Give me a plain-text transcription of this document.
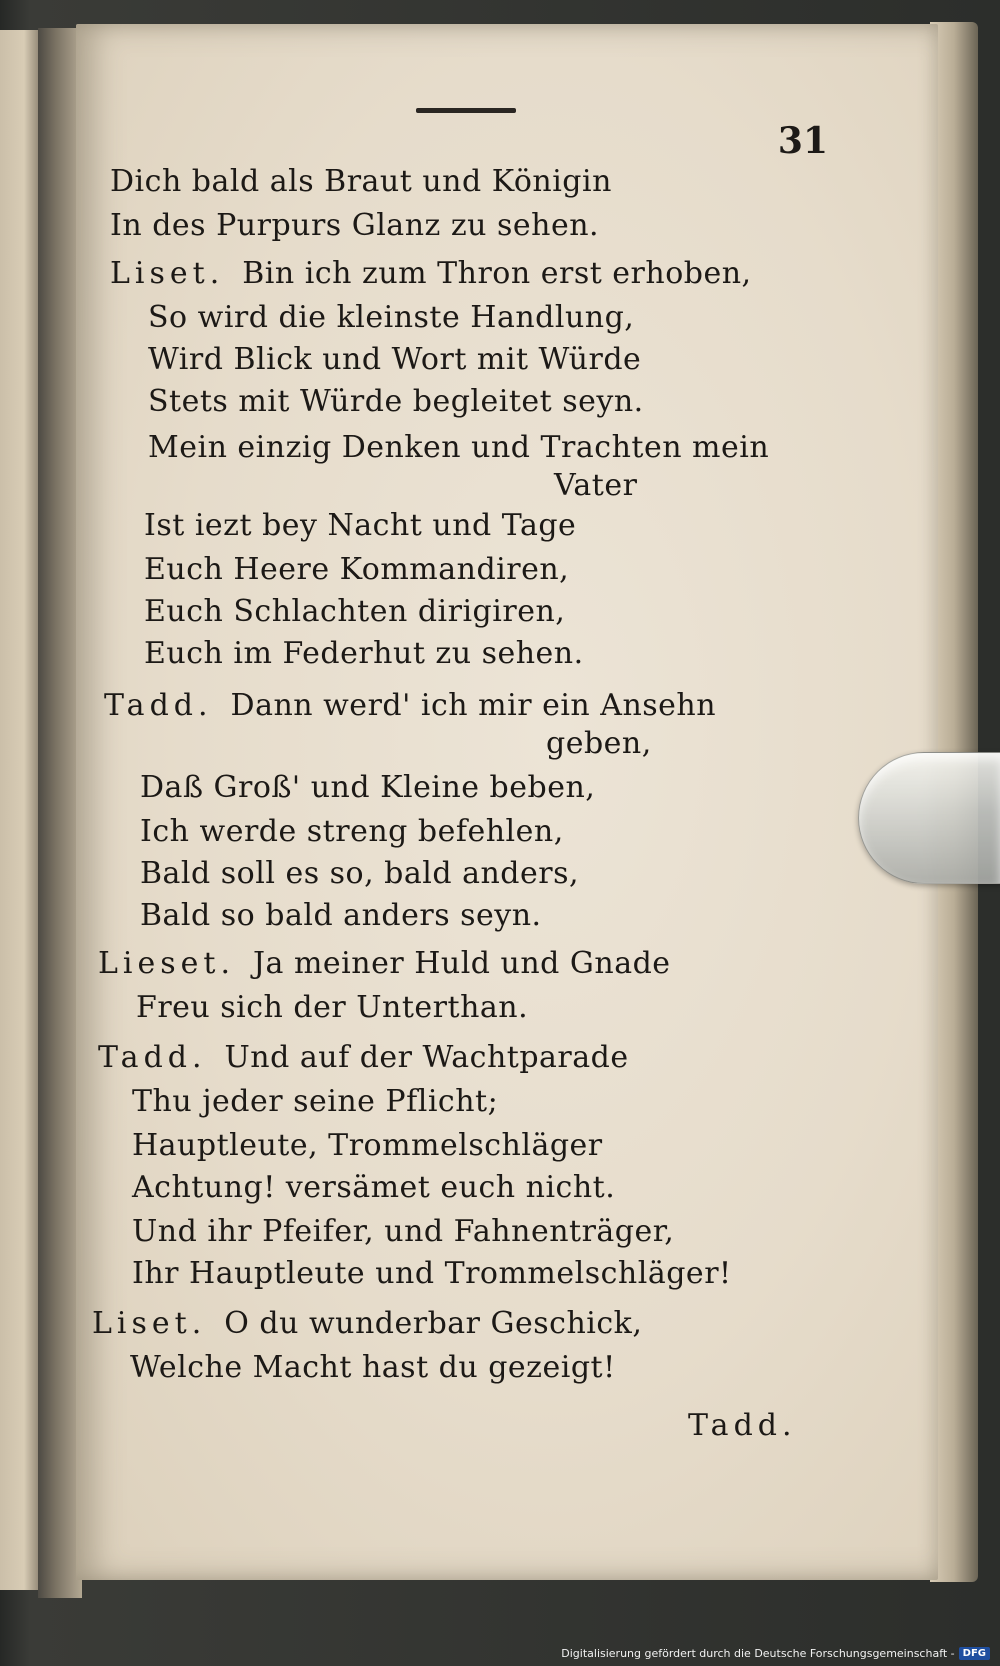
31
Dich bald als Braut und Königin
In des Purpurs Glanz zu sehen.
Liset. Bin ich zum Thron erst erhoben,
So wird die kleinste Handlung,
Wird Blick und Wort mit Würde
Stets mit Würde begleitet seyn.
Mein einzig Denken und Trachten mein
Vater
Ist iezt bey Nacht und Tage
Euch Heere Kommandiren,
Euch Schlachten dirigiren,
Euch im Federhut zu sehen.
Tadd. Dann werd' ich mir ein Ansehn
geben,
Daß Groß' und Kleine beben,
Ich werde streng befehlen,
Bald soll es so, bald anders,
Bald so bald anders seyn.
Lieset. Ja meiner Huld und Gnade
Freu sich der Unterthan.
Tadd. Und auf der Wachtparade
Thu jeder seine Pflicht;
Hauptleute, Trommelschläger
Achtung! versämet euch nicht.
Und ihr Pfeifer, und Fahnenträger,
Ihr Hauptleute und Trommelschläger!
Liset. O du wunderbar Geschick,
Welche Macht hast du gezeigt!
Tadd.
Digitalisierung gefördert durch die Deutsche Forschungsgemeinschaft - DFG
